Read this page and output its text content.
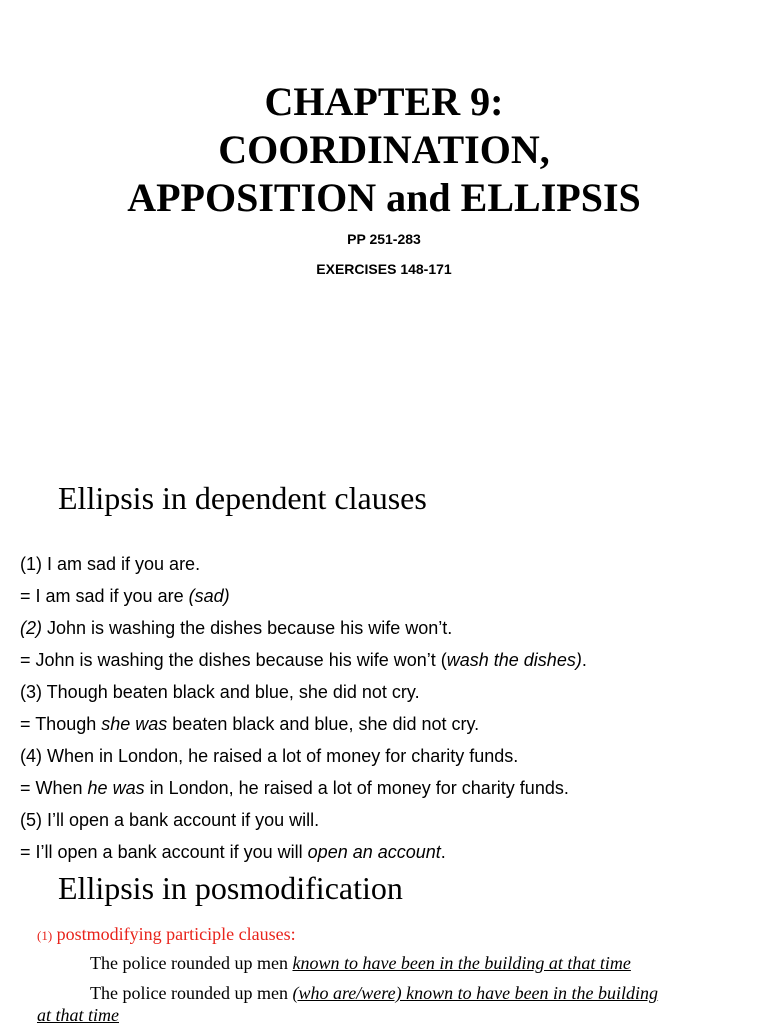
CHAPTER 9:
COORDINATION,
APPOSITION and ELLIPSIS
PP 251-283
EXERCISES 148-171
Ellipsis in dependent clauses
(1) I am sad if you are.
= I am sad if you are (sad)
(2) John is washing the dishes because his wife won’t.
= John is washing the dishes because his wife won’t (wash the dishes).
(3) Though beaten black and blue, she did not cry.
= Though she was beaten black and blue, she did not cry.
(4) When in London, he raised a lot of money for charity funds.
= When he was in London, he raised a lot of money for charity funds.
(5) I’ll open a bank account if you will.
= I’ll open a bank account if you will open an account.
Ellipsis in posmodification
(1) postmodifying participle clauses:
The police rounded up men known to have been in the building at that time
The police rounded up men (who are/were) known to have been in the building
at that time
